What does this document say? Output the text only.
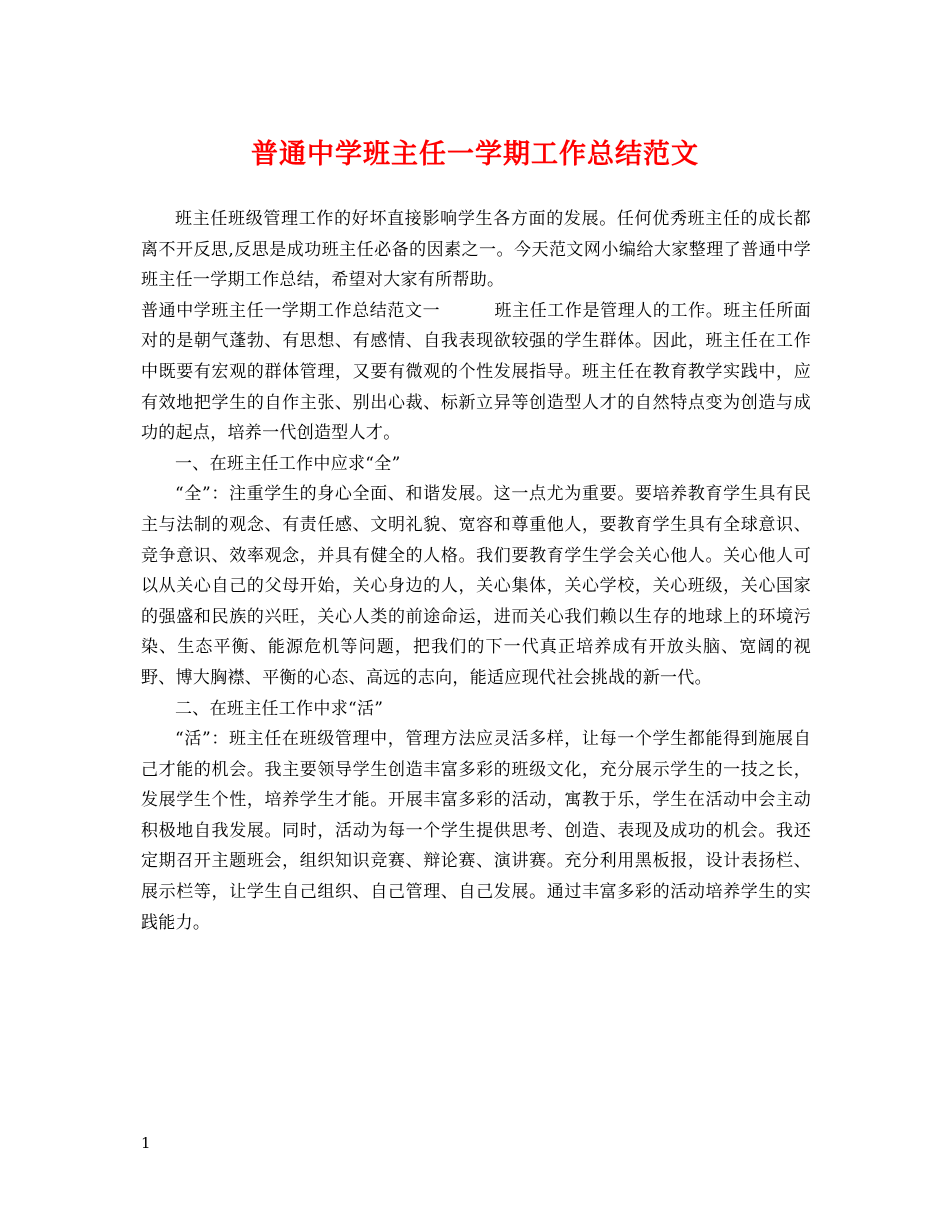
普通中学班主任一学期工作总结范文

班主任班级管理工作的好坏直接影响学生各方面的发展。任何优秀班主任的成长都离不开反思,反思是成功班主任必备的因素之一。今天范文网小编给大家整理了普通中学班主任一学期工作总结，希望对大家有所帮助。

普通中学班主任一学期工作总结范文一	班主任工作是管理人的工作。班主任所面对的是朝气蓬勃、有思想、有感情、自我表现欲较强的学生群体。因此，班主任在工作中既要有宏观的群体管理，又要有微观的个性发展指导。班主任在教育教学实践中，应有效地把学生的自作主张、别出心裁、标新立异等创造型人才的自然特点变为创造与成功的起点，培养一代创造型人才。

一、在班主任工作中应求“全”

“全”：注重学生的身心全面、和谐发展。这一点尤为重要。要培养教育学生具有民主与法制的观念、有责任感、文明礼貌、宽容和尊重他人，要教育学生具有全球意识、竞争意识、效率观念，并具有健全的人格。我们要教育学生学会关心他人。关心他人可以从关心自己的父母开始，关心身边的人，关心集体，关心学校，关心班级，关心国家的强盛和民族的兴旺，关心人类的前途命运，进而关心我们赖以生存的地球上的环境污染、生态平衡、能源危机等问题，把我们的下一代真正培养成有开放头脑、宽阔的视野、博大胸襟、平衡的心态、高远的志向，能适应现代社会挑战的新一代。

二、在班主任工作中求“活”

“活”：班主任在班级管理中，管理方法应灵活多样，让每一个学生都能得到施展自己才能的机会。我主要领导学生创造丰富多彩的班级文化，充分展示学生的一技之长，发展学生个性，培养学生才能。开展丰富多彩的活动，寓教于乐，学生在活动中会主动积极地自我发展。同时，活动为每一个学生提供思考、创造、表现及成功的机会。我还定期召开主题班会，组织知识竞赛、辩论赛、演讲赛。充分利用黑板报，设计表扬栏、展示栏等，让学生自己组织、自己管理、自己发展。通过丰富多彩的活动培养学生的实践能力。

1
